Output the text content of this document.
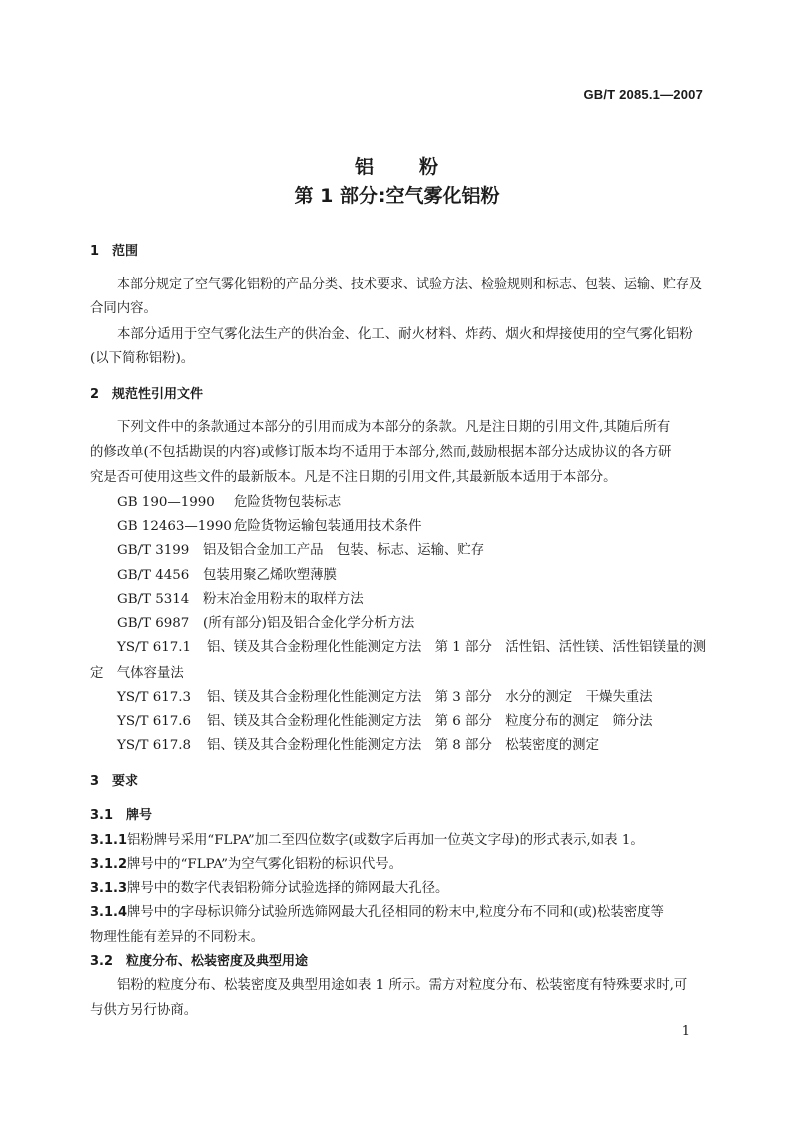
GB/T 2085.1—2007
铝 粉
第 1 部分:空气雾化铝粉
1 范围
本部分规定了空气雾化铝粉的产品分类、技术要求、试验方法、检验规则和标志、包装、运输、贮存及
合同内容。
本部分适用于空气雾化法生产的供冶金、化工、耐火材料、炸药、烟火和焊接使用的空气雾化铝粉
(以下简称铝粉)。
2 规范性引用文件
下列文件中的条款通过本部分的引用而成为本部分的条款。凡是注日期的引用文件,其随后所有
的修改单(不包括勘误的内容)或修订版本均不适用于本部分,然而,鼓励根据本部分达成协议的各方研
究是否可使用这些文件的最新版本。凡是不注日期的引用文件,其最新版本适用于本部分。
GB 190—1990 危险货物包装标志
GB 12463—1990 危险货物运输包装通用技术条件
GB/T 3199 铝及铝合金加工产品　包装、标志、运输、贮存
GB/T 4456 包装用聚乙烯吹塑薄膜
GB/T 5314 粉末冶金用粉末的取样方法
GB/T 6987 (所有部分)铝及铝合金化学分析方法
YS/T 617.1 铝、镁及其合金粉理化性能测定方法　第 1 部分　活性铝、活性镁、活性铝镁量的测
定　气体容量法
YS/T 617.3 铝、镁及其合金粉理化性能测定方法　第 3 部分　水分的测定　干燥失重法
YS/T 617.6 铝、镁及其合金粉理化性能测定方法　第 6 部分　粒度分布的测定　筛分法
YS/T 617.8 铝、镁及其合金粉理化性能测定方法　第 8 部分　松装密度的测定
3 要求
3.1 牌号
3.1.1铝粉牌号采用“FLPA”加二至四位数字(或数字后再加一位英文字母)的形式表示,如表 1。
3.1.2牌号中的“FLPA”为空气雾化铝粉的标识代号。
3.1.3牌号中的数字代表铝粉筛分试验选择的筛网最大孔径。
3.1.4牌号中的字母标识筛分试验所选筛网最大孔径相同的粉末中,粒度分布不同和(或)松装密度等
物理性能有差异的不同粉末。
3.2 粒度分布、松装密度及典型用途
铝粉的粒度分布、松装密度及典型用途如表 1 所示。需方对粒度分布、松装密度有特殊要求时,可
与供方另行协商。
1
